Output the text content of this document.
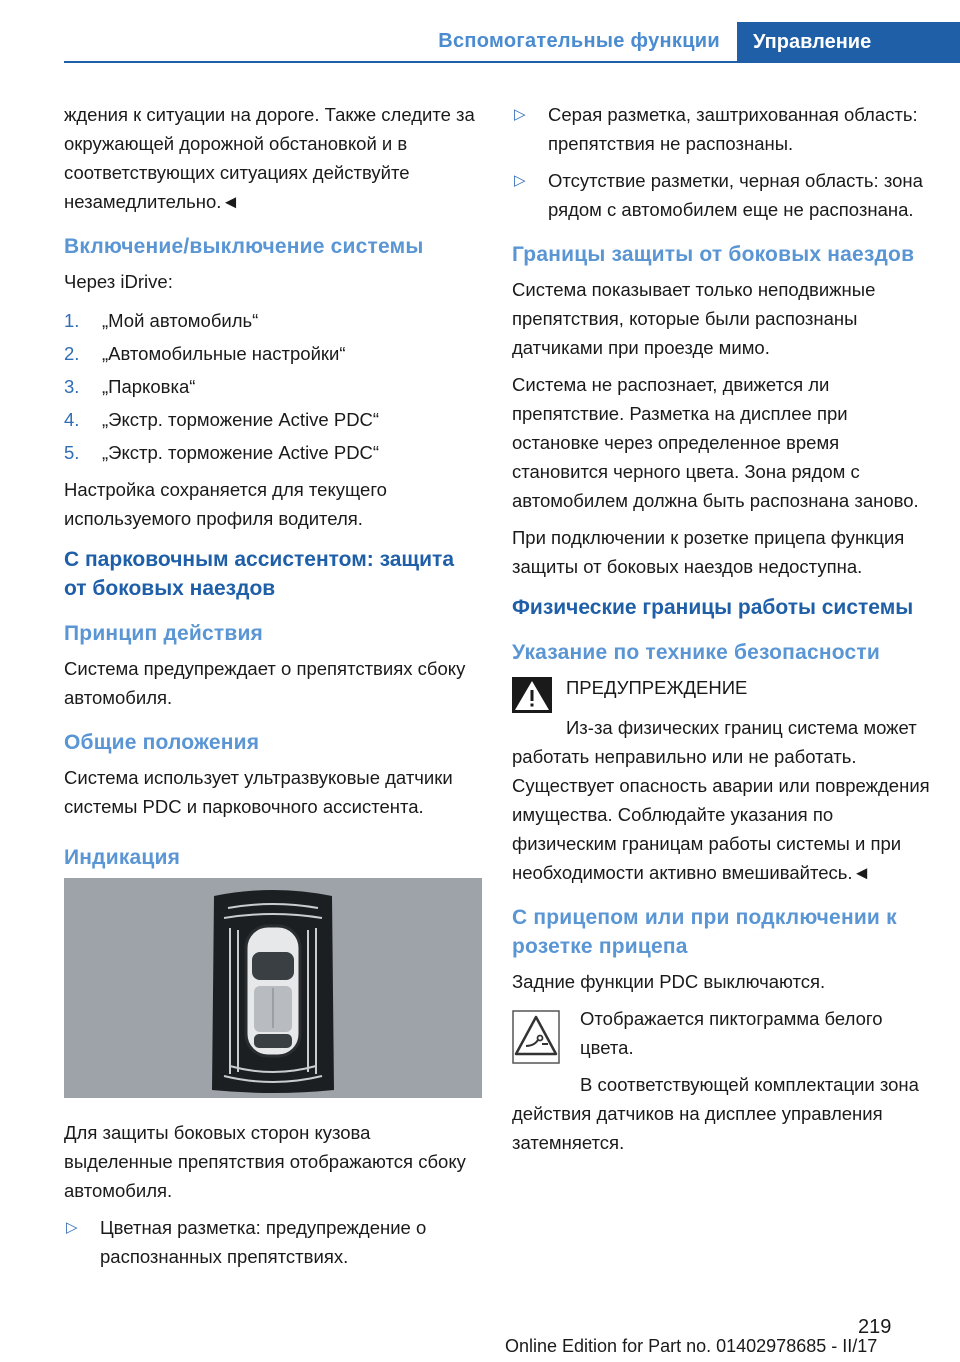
Вспомогательные функции	Управление

ждения к ситуации на дороге. Также следите за окружающей дорожной обстановкой и в соответствующих ситуациях действуйте незамедлительно.◄

Включение/выключение системы

Через iDrive:

1. „Мой автомобиль“
2. „Автомобильные настройки“
3. „Парковка“
4. „Экстр. торможение Active PDC“
5. „Экстр. торможение Active PDC“

Настройка сохраняется для текущего используемого профиля водителя.

С парковочным ассистентом: защита от боковых наездов
Принцип действия

Система предупреждает о препятствиях сбоку автомобиля.

Общие положения

Система использует ультразвуковые датчики системы PDC и парковочного ассистента.

Индикация

Для защиты боковых сторон кузова выделенные препятствия отображаются сбоку автомобиля.

▷ Цветная разметка: предупреждение о распознанных препятствиях.
▷ Серая разметка, заштрихованная область: препятствия не распознаны.
▷ Отсутствие разметки, черная область: зона рядом с автомобилем еще не распознана.
Границы защиты от боковых наездов

Система показывает только неподвижные препятствия, которые были распознаны датчиками при проезде мимо.

Система не распознает, движется ли препятствие. Разметка на дисплее при остановке через определенное время становится черного цвета. Зона рядом с автомобилем должна быть распознана заново.

При подключении к розетке прицепа функция защиты от боковых наездов недоступна.

Физические границы работы системы
Указание по технике безопасности

ПРЕДУПРЕЖДЕНИЕ

Из-за физических границ система может работать неправильно или не работать. Существует опасность аварии или повреждения имущества. Соблюдайте указания по физическим границам работы системы и при необходимости активно вмешивайтесь.◄

С прицепом или при подключении к розетке прицепа

Задние функции PDC выключаются.

Отображается пиктограмма белого цвета.

В соответствующей комплектации зона действия датчиков на дисплее управления затемняется.

219
Online Edition for Part no. 01402978685 - II/17
